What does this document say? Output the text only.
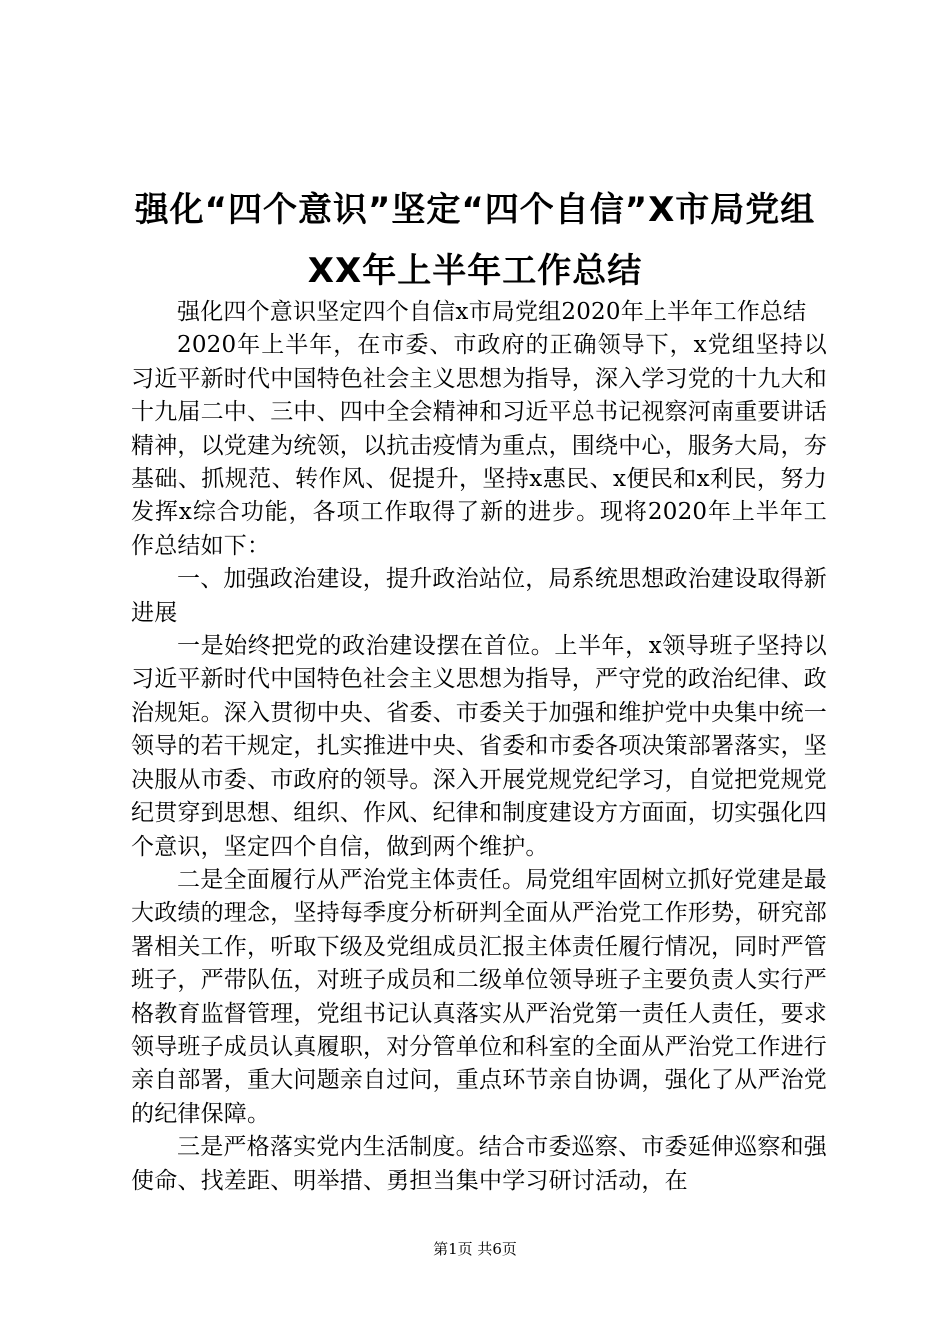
强化“四个意识”坚定“四个自信”X市局党组XX年上半年工作总结

强化四个意识坚定四个自信x市局党组2020年上半年工作总结

2020年上半年，在市委、市政府的正确领导下，x党组坚持以习近平新时代中国特色社会主义思想为指导，深入学习党的十九大和十九届二中、三中、四中全会精神和习近平总书记视察河南重要讲话精神，以党建为统领，以抗击疫情为重点，围绕中心，服务大局，夯基础、抓规范、转作风、促提升，坚持x惠民、x便民和x利民，努力发挥x综合功能，各项工作取得了新的进步。现将2020年上半年工作总结如下：

一、加强政治建设，提升政治站位，局系统思想政治建设取得新进展

一是始终把党的政治建设摆在首位。上半年，x领导班子坚持以习近平新时代中国特色社会主义思想为指导，严守党的政治纪律、政治规矩。深入贯彻中央、省委、市委关于加强和维护党中央集中统一领导的若干规定，扎实推进中央、省委和市委各项决策部署落实，坚决服从市委、市政府的领导。深入开展党规党纪学习，自觉把党规党纪贯穿到思想、组织、作风、纪律和制度建设方方面面，切实强化四个意识，坚定四个自信，做到两个维护。

二是全面履行从严治党主体责任。局党组牢固树立抓好党建是最大政绩的理念，坚持每季度分析研判全面从严治党工作形势，研究部署相关工作，听取下级及党组成员汇报主体责任履行情况，同时严管班子，严带队伍，对班子成员和二级单位领导班子主要负责人实行严格教育监督管理，党组书记认真落实从严治党第一责任人责任，要求领导班子成员认真履职，对分管单位和科室的全面从严治党工作进行亲自部署，重大问题亲自过问，重点环节亲自协调，强化了从严治党的纪律保障。

三是严格落实党内生活制度。结合市委巡察、市委延伸巡察和强使命、找差距、明举措、勇担当集中学习研讨活动，在

第1页 共6页
